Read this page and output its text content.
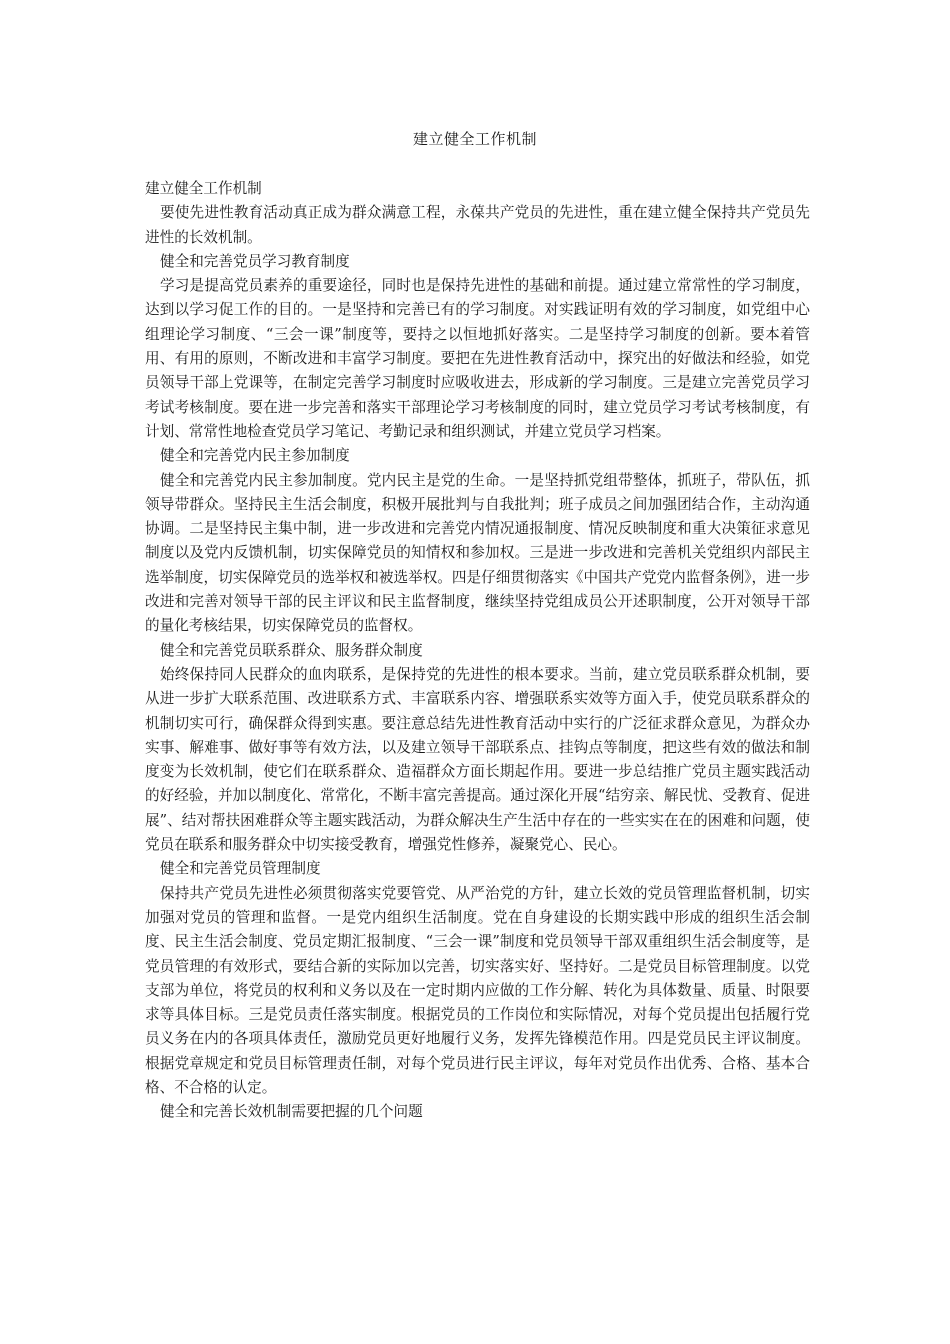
建立健全工作机制

建立健全工作机制

要使先进性教育活动真正成为群众满意工程，永葆共产党员的先进性，重在建立健全保持共产党员先进性的长效机制。

健全和完善党员学习教育制度

学习是提高党员素养的重要途径，同时也是保持先进性的基础和前提。通过建立常常性的学习制度，达到以学习促工作的目的。一是坚持和完善已有的学习制度。对实践证明有效的学习制度，如党组中心组理论学习制度、“三会一课”制度等，要持之以恒地抓好落实。二是坚持学习制度的创新。要本着管用、有用的原则，不断改进和丰富学习制度。要把在先进性教育活动中，探究出的好做法和经验，如党员领导干部上党课等，在制定完善学习制度时应吸收进去，形成新的学习制度。三是建立完善党员学习考试考核制度。要在进一步完善和落实干部理论学习考核制度的同时，建立党员学习考试考核制度，有计划、常常性地检查党员学习笔记、考勤记录和组织测试，并建立党员学习档案。

健全和完善党内民主参加制度

健全和完善党内民主参加制度。党内民主是党的生命。一是坚持抓党组带整体，抓班子，带队伍，抓领导带群众。坚持民主生活会制度，积极开展批判与自我批判；班子成员之间加强团结合作，主动沟通协调。二是坚持民主集中制，进一步改进和完善党内情况通报制度、情况反映制度和重大决策征求意见制度以及党内反馈机制，切实保障党员的知情权和参加权。三是进一步改进和完善机关党组织内部民主选举制度，切实保障党员的选举权和被选举权。四是仔细贯彻落实《中国共产党党内监督条例》，进一步改进和完善对领导干部的民主评议和民主监督制度，继续坚持党组成员公开述职制度，公开对领导干部的量化考核结果，切实保障党员的监督权。

健全和完善党员联系群众、服务群众制度

始终保持同人民群众的血肉联系，是保持党的先进性的根本要求。当前，建立党员联系群众机制，要从进一步扩大联系范围、改进联系方式、丰富联系内容、增强联系实效等方面入手，使党员联系群众的机制切实可行，确保群众得到实惠。要注意总结先进性教育活动中实行的广泛征求群众意见，为群众办实事、解难事、做好事等有效方法，以及建立领导干部联系点、挂钩点等制度，把这些有效的做法和制度变为长效机制，使它们在联系群众、造福群众方面长期起作用。要进一步总结推广党员主题实践活动的好经验，并加以制度化、常常化，不断丰富完善提高。通过深化开展“结穷亲、解民忧、受教育、促进展”、结对帮扶困难群众等主题实践活动，为群众解决生产生活中存在的一些实实在在的困难和问题，使党员在联系和服务群众中切实接受教育，增强党性修养，凝聚党心、民心。

健全和完善党员管理制度

保持共产党员先进性必须贯彻落实党要管党、从严治党的方针，建立长效的党员管理监督机制，切实加强对党员的管理和监督。一是党内组织生活制度。党在自身建设的长期实践中形成的组织生活会制度、民主生活会制度、党员定期汇报制度、“三会一课”制度和党员领导干部双重组织生活会制度等，是党员管理的有效形式，要结合新的实际加以完善，切实落实好、坚持好。二是党员目标管理制度。以党支部为单位，将党员的权利和义务以及在一定时期内应做的工作分解、转化为具体数量、质量、时限要求等具体目标。三是党员责任落实制度。根据党员的工作岗位和实际情况，对每个党员提出包括履行党员义务在内的各项具体责任，激励党员更好地履行义务，发挥先锋模范作用。四是党员民主评议制度。根据党章规定和党员目标管理责任制，对每个党员进行民主评议，每年对党员作出优秀、合格、基本合格、不合格的认定。

健全和完善长效机制需要把握的几个问题
